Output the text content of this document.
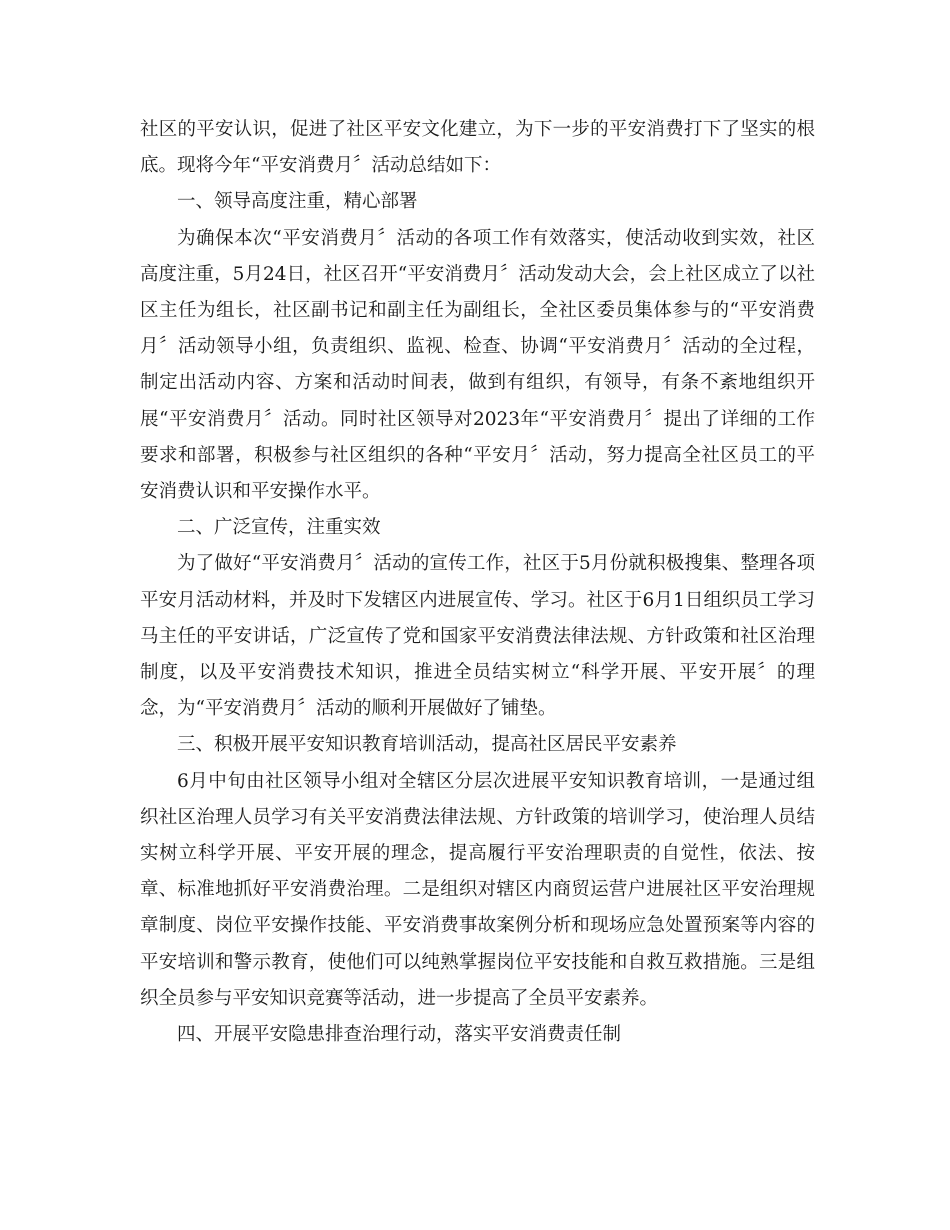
社区的平安认识，促进了社区平安文化建立，为下一步的平安消费打下了坚实的根底。现将今年“平安消费月〞活动总结如下：

一、领导高度注重，精心部署

为确保本次“平安消费月〞活动的各项工作有效落实，使活动收到实效，社区高度注重，5月24日，社区召开“平安消费月〞活动发动大会，会上社区成立了以社区主任为组长，社区副书记和副主任为副组长，全社区委员集体参与的“平安消费月〞活动领导小组，负责组织、监视、检查、协调“平安消费月〞活动的全过程，制定出活动内容、方案和活动时间表，做到有组织，有领导，有条不紊地组织开展“平安消费月〞活动。同时社区领导对2023年“平安消费月〞提出了详细的工作要求和部署，积极参与社区组织的各种“平安月〞活动，努力提高全社区员工的平安消费认识和平安操作水平。

二、广泛宣传，注重实效

为了做好“平安消费月〞活动的宣传工作，社区于5月份就积极搜集、整理各项平安月活动材料，并及时下发辖区内进展宣传、学习。社区于6月1日组织员工学习马主任的平安讲话，广泛宣传了党和国家平安消费法律法规、方针政策和社区治理制度，以及平安消费技术知识，推进全员结实树立“科学开展、平安开展〞的理念，为“平安消费月〞活动的顺利开展做好了铺垫。

三、积极开展平安知识教育培训活动，提高社区居民平安素养

6月中旬由社区领导小组对全辖区分层次进展平安知识教育培训，一是通过组织社区治理人员学习有关平安消费法律法规、方针政策的培训学习，使治理人员结实树立科学开展、平安开展的理念，提高履行平安治理职责的自觉性，依法、按章、标准地抓好平安消费治理。二是组织对辖区内商贸运营户进展社区平安治理规章制度、岗位平安操作技能、平安消费事故案例分析和现场应急处置预案等内容的平安培训和警示教育，使他们可以纯熟掌握岗位平安技能和自救互救措施。三是组织全员参与平安知识竞赛等活动，进一步提高了全员平安素养。

四、开展平安隐患排查治理行动，落实平安消费责任制
